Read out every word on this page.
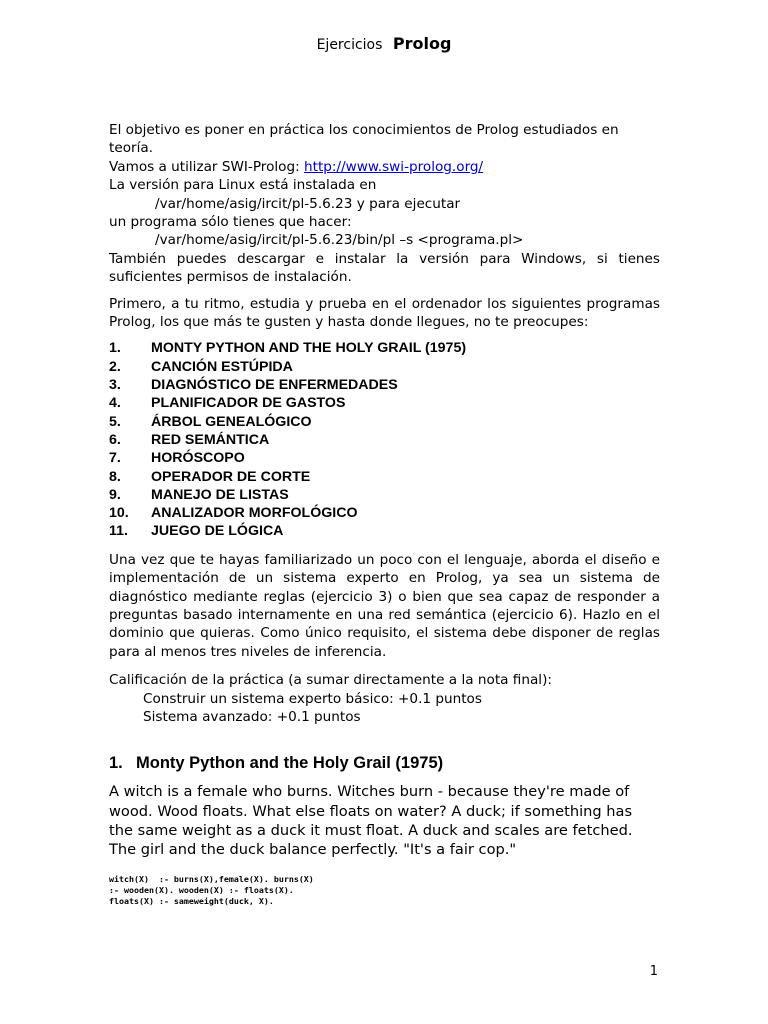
Ejercicios Prolog

El objetivo es poner en práctica los conocimientos de Prolog estudiados en teoría.

Vamos a utilizar SWI-Prolog: http://www.swi-prolog.org/

La versión para Linux está instalada en

/var/home/asig/ircit/pl-5.6.23 y para ejecutar

un programa sólo tienes que hacer:

/var/home/asig/ircit/pl-5.6.23/bin/pl –s <programa.pl>

También puedes descargar e instalar la versión para Windows, si tienes suficientes permisos de instalación.

Primero, a tu ritmo, estudia y prueba en el ordenador los siguientes programas Prolog, los que más te gusten y hasta donde llegues, no te preocupes:

1.	MONTY PYTHON AND THE HOLY GRAIL (1975)
2.	CANCIÓN ESTÚPIDA
3.	DIAGNÓSTICO DE ENFERMEDADES
4.	PLANIFICADOR DE GASTOS
5.	ÁRBOL GENEALÓGICO
6.	RED SEMÁNTICA
7.	HORÓSCOPO
8.	OPERADOR DE CORTE
9.	MANEJO DE LISTAS
10.	ANALIZADOR MORFOLÓGICO
11.	JUEGO DE LÓGICA

Una vez que te hayas familiarizado un poco con el lenguaje, aborda el diseño e implementación de un sistema experto en Prolog, ya sea un sistema de diagnóstico mediante reglas (ejercicio 3) o bien que sea capaz de responder a preguntas basado internamente en una red semántica (ejercicio 6). Hazlo en el dominio que quieras. Como único requisito, el sistema debe disponer de reglas para al menos tres niveles de inferencia.

Calificación de la práctica (a sumar directamente a la nota final):

Construir un sistema experto básico: +0.1 puntos

Sistema avanzado: +0.1 puntos

1. Monty Python and the Holy Grail (1975)

A witch is a female who burns. Witches burn - because they're made of wood. Wood floats. What else floats on water? A duck; if something has the same weight as a duck it must float. A duck and scales are fetched. The girl and the duck balance perfectly. "It's a fair cop."

witch(X)  :- burns(X),female(X). burns(X)
:- wooden(X). wooden(X) :- floats(X).
floats(X) :- sameweight(duck, X).
1
